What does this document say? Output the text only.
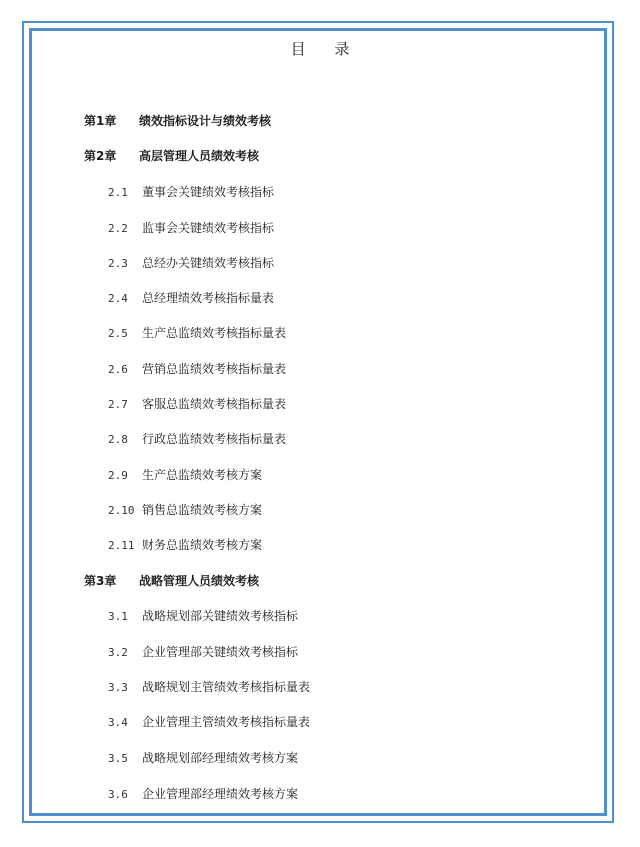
目 录
第1章 绩效指标设计与绩效考核
第2章 高层管理人员绩效考核
2.1 董事会关键绩效考核指标
2.2 监事会关键绩效考核指标
2.3 总经办关键绩效考核指标
2.4 总经理绩效考核指标量表
2.5 生产总监绩效考核指标量表
2.6 营销总监绩效考核指标量表
2.7 客服总监绩效考核指标量表
2.8 行政总监绩效考核指标量表
2.9 生产总监绩效考核方案
2.10 销售总监绩效考核方案
2.11 财务总监绩效考核方案
第3章 战略管理人员绩效考核
3.1 战略规划部关键绩效考核指标
3.2 企业管理部关键绩效考核指标
3.3 战略规划主管绩效考核指标量表
3.4 企业管理主管绩效考核指标量表
3.5 战略规划部经理绩效考核方案
3.6 企业管理部经理绩效考核方案
